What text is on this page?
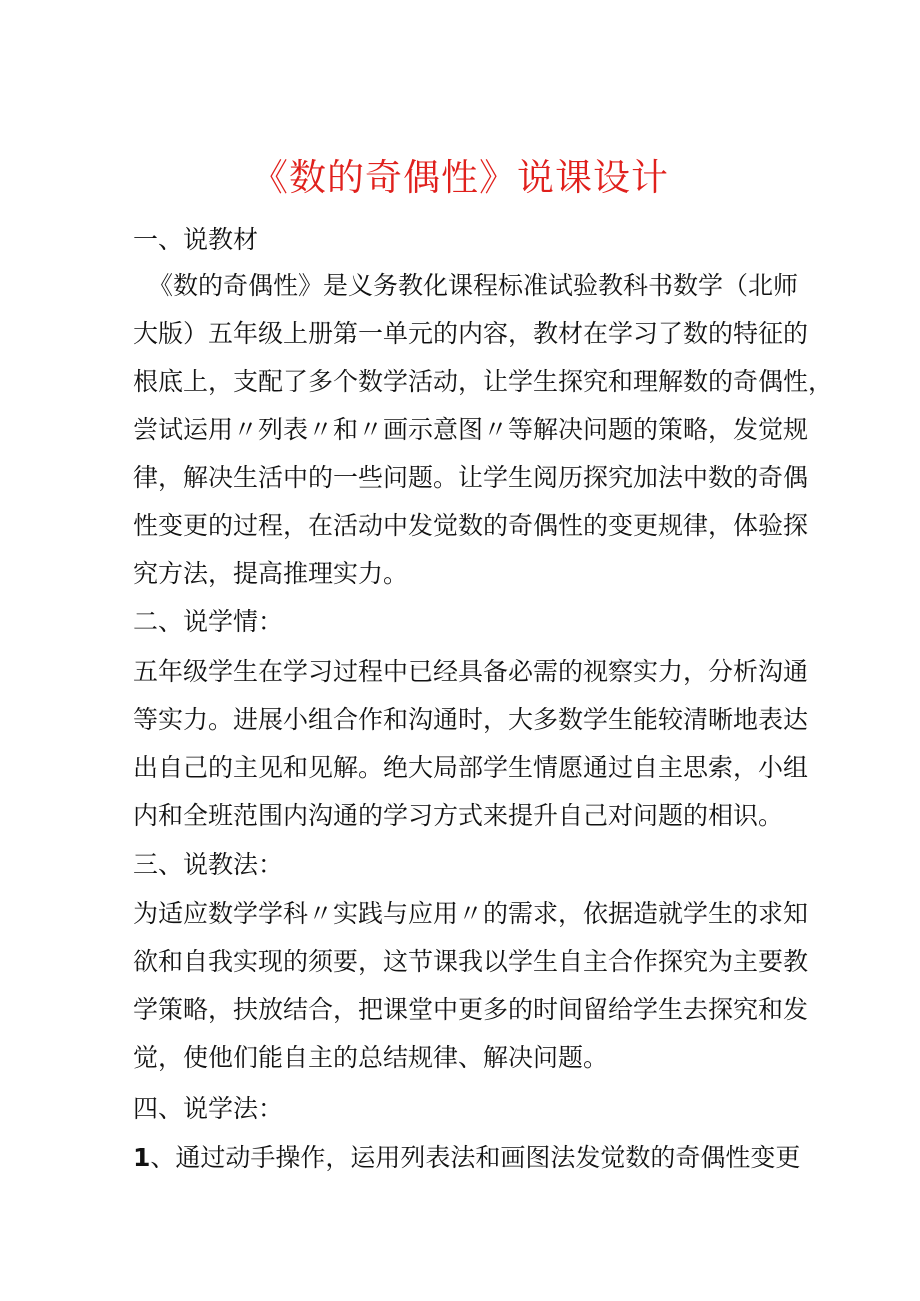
《数的奇偶性》说课设计
一、说教材
《数的奇偶性》是义务教化课程标准试验教科书数学（北师
大版）五年级上册第一单元的内容，教材在学习了数的特征的
根底上，支配了多个数学活动，让学生探究和理解数的奇偶性，
尝试运用〃列表〃和〃画示意图〃等解决问题的策略，发觉规
律，解决生活中的一些问题。让学生阅历探究加法中数的奇偶
性变更的过程，在活动中发觉数的奇偶性的变更规律，体验探
究方法，提高推理实力。
二、说学情：
五年级学生在学习过程中已经具备必需的视察实力，分析沟通
等实力。进展小组合作和沟通时，大多数学生能较清晰地表达
出自己的主见和见解。绝大局部学生情愿通过自主思索，小组
内和全班范围内沟通的学习方式来提升自己对问题的相识。
三、说教法：
为适应数学学科〃实践与应用〃的需求，依据造就学生的求知
欲和自我实现的须要，这节课我以学生自主合作探究为主要教
学策略，扶放结合，把课堂中更多的时间留给学生去探究和发
觉，使他们能自主的总结规律、解决问题。
四、说学法：
1、通过动手操作，运用列表法和画图法发觉数的奇偶性变更
